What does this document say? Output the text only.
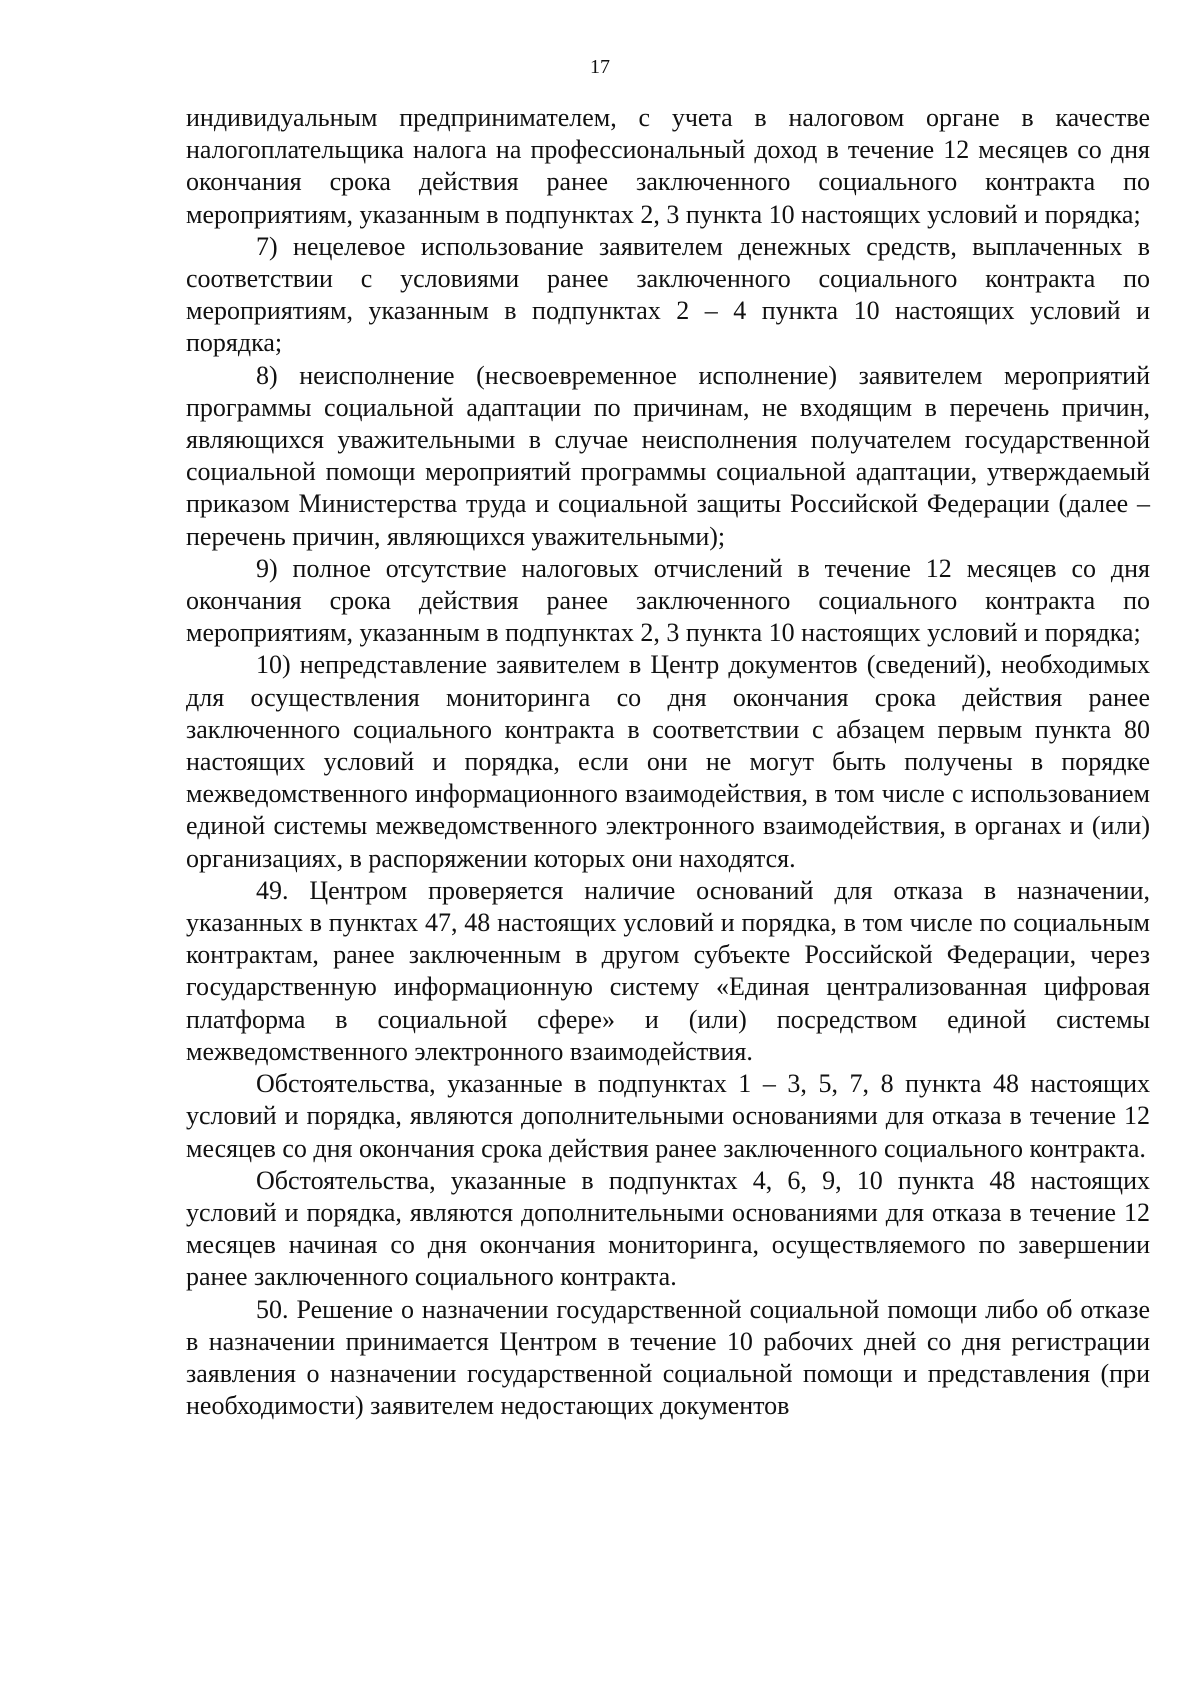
17

индивидуальным предпринимателем, с учета в налоговом органе в качестве налогоплательщика налога на профессиональный доход в течение 12 месяцев со дня окончания срока действия ранее заключенного социального контракта по мероприятиям, указанным в подпунктах 2, 3 пункта 10 настоящих условий и порядка;

7) нецелевое использование заявителем денежных средств, выплаченных в соответствии с условиями ранее заключенного социального контракта по мероприятиям, указанным в подпунктах 2 – 4 пункта 10 настоящих условий и порядка;

8) неисполнение (несвоевременное исполнение) заявителем мероприятий программы социальной адаптации по причинам, не входящим в перечень причин, являющихся уважительными в случае неисполнения получателем государственной социальной помощи мероприятий программы социальной адаптации, утверждаемый приказом Министерства труда и социальной защиты Российской Федерации (далее – перечень причин, являющихся уважительными);

9) полное отсутствие налоговых отчислений в течение 12 месяцев со дня окончания срока действия ранее заключенного социального контракта по мероприятиям, указанным в подпунктах 2, 3 пункта 10 настоящих условий и порядка;

10) непредставление заявителем в Центр документов (сведений), необходимых для осуществления мониторинга со дня окончания срока действия ранее заключенного социального контракта в соответствии с абзацем первым пункта 80 настоящих условий и порядка, если они не могут быть получены в порядке межведомственного информационного взаимодействия, в том числе с использованием единой системы межведомственного электронного взаимодействия, в органах и (или) организациях, в распоряжении которых они находятся.

49. Центром проверяется наличие оснований для отказа в назначении, указанных в пунктах 47, 48 настоящих условий и порядка, в том числе по социальным контрактам, ранее заключенным в другом субъекте Российской Федерации, через государственную информационную систему «Единая централизованная цифровая платформа в социальной сфере» и (или) посредством единой системы межведомственного электронного взаимодействия.

Обстоятельства, указанные в подпунктах 1 – 3, 5, 7, 8 пункта 48 настоящих условий и порядка, являются дополнительными основаниями для отказа в течение 12 месяцев со дня окончания срока действия ранее заключенного социального контракта.

Обстоятельства, указанные в подпунктах 4, 6, 9, 10 пункта 48 настоящих условий и порядка, являются дополнительными основаниями для отказа в течение 12 месяцев начиная со дня окончания мониторинга, осуществляемого по завершении ранее заключенного социального контракта.

50. Решение о назначении государственной социальной помощи либо об отказе в назначении принимается Центром в течение 10 рабочих дней со дня регистрации заявления о назначении государственной социальной помощи и представления (при необходимости) заявителем недостающих документов
